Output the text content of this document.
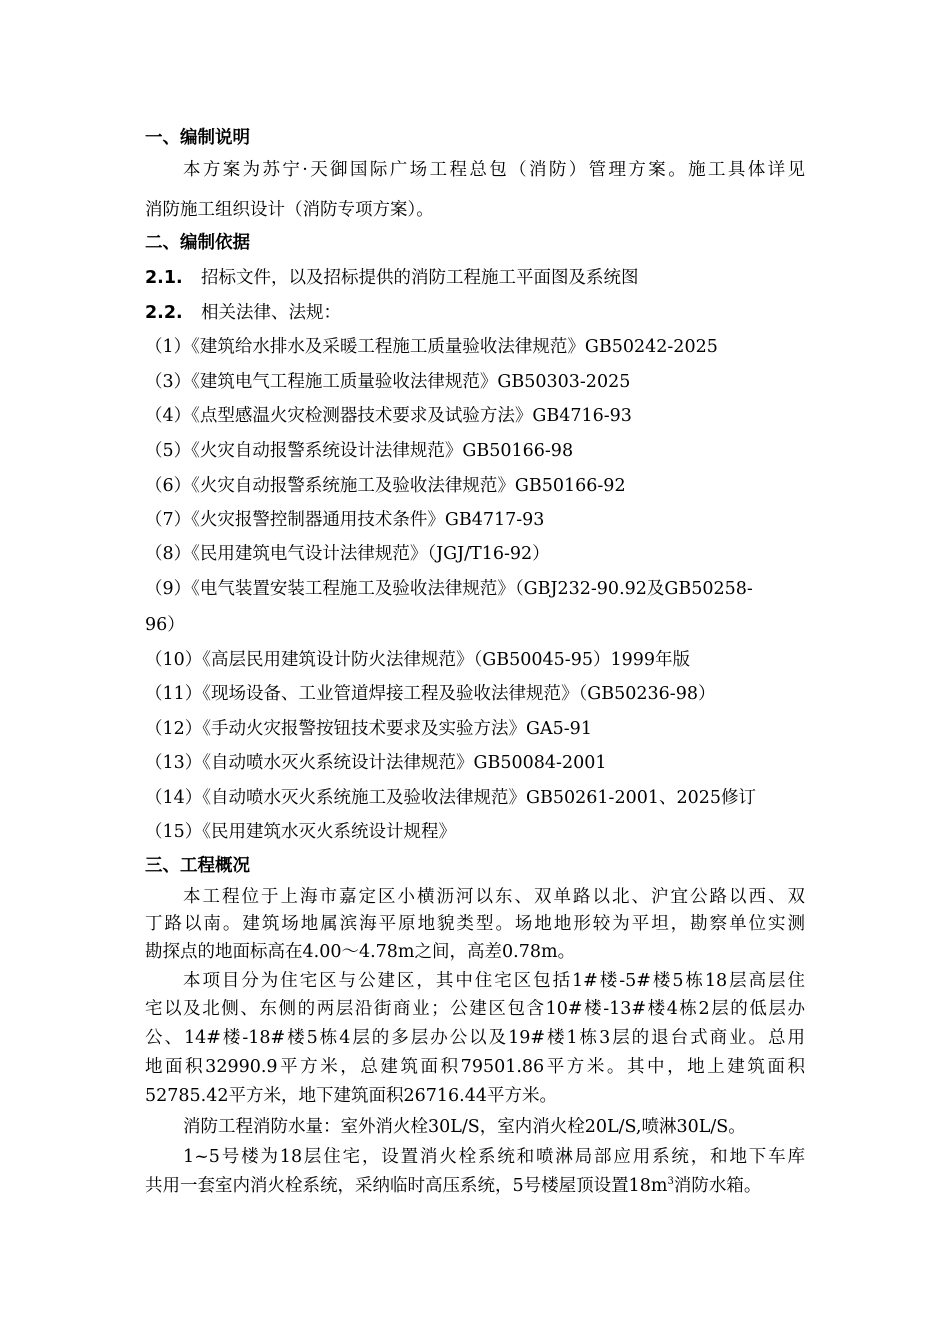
一、编制说明
本方案为苏宁·天御国际广场工程总包（消防）管理方案。施工具体详见
消防施工组织设计（消防专项方案）。
二、编制依据
2.1. 招标文件，以及招标提供的消防工程施工平面图及系统图
2.2. 相关法律、法规：
（1）《建筑给水排水及采暖工程施工质量验收法律规范》GB50242-2025
（3）《建筑电气工程施工质量验收法律规范》GB50303-2025
（4）《点型感温火灾检测器技术要求及试验方法》GB4716-93
（5）《火灾自动报警系统设计法律规范》GB50166-98
（6）《火灾自动报警系统施工及验收法律规范》GB50166-92
（7）《火灾报警控制器通用技术条件》GB4717-93
（8）《民用建筑电气设计法律规范》（JGJ/T16-92）
（9）《电气装置安装工程施工及验收法律规范》（GBJ232-90.92及GB50258-
96）
（10）《高层民用建筑设计防火法律规范》（GB50045-95）1999年版
（11）《现场设备、工业管道焊接工程及验收法律规范》（GB50236-98）
（12）《手动火灾报警按钮技术要求及实验方法》GA5-91
（13）《自动喷水灭火系统设计法律规范》GB50084-2001
（14）《自动喷水灭火系统施工及验收法律规范》GB50261-2001、2025修订
（15）《民用建筑水灭火系统设计规程》
三、工程概况
本工程位于上海市嘉定区小横沥河以东、双单路以北、沪宜公路以西、双
丁路以南。建筑场地属滨海平原地貌类型。场地地形较为平坦，勘察单位实测
勘探点的地面标高在4.00～4.78m之间，高差0.78m。
本项目分为住宅区与公建区，其中住宅区包括1#楼-5#楼5栋18层高层住
宅以及北侧、东侧的两层沿街商业；公建区包含10#楼-13#楼4栋2层的低层办
公、14#楼-18#楼5栋4层的多层办公以及19#楼1栋3层的退台式商业。总用
地面积32990.9平方米，总建筑面积79501.86平方米。其中，地上建筑面积
52785.42平方米，地下建筑面积26716.44平方米。
消防工程消防水量：室外消火栓30L/S，室内消火栓20L/S,喷淋30L/S。
1~5号楼为18层住宅，设置消火栓系统和喷淋局部应用系统，和地下车库
共用一套室内消火栓系统，采纳临时高压系统，5号楼屋顶设置$18m^3$消防水箱。
